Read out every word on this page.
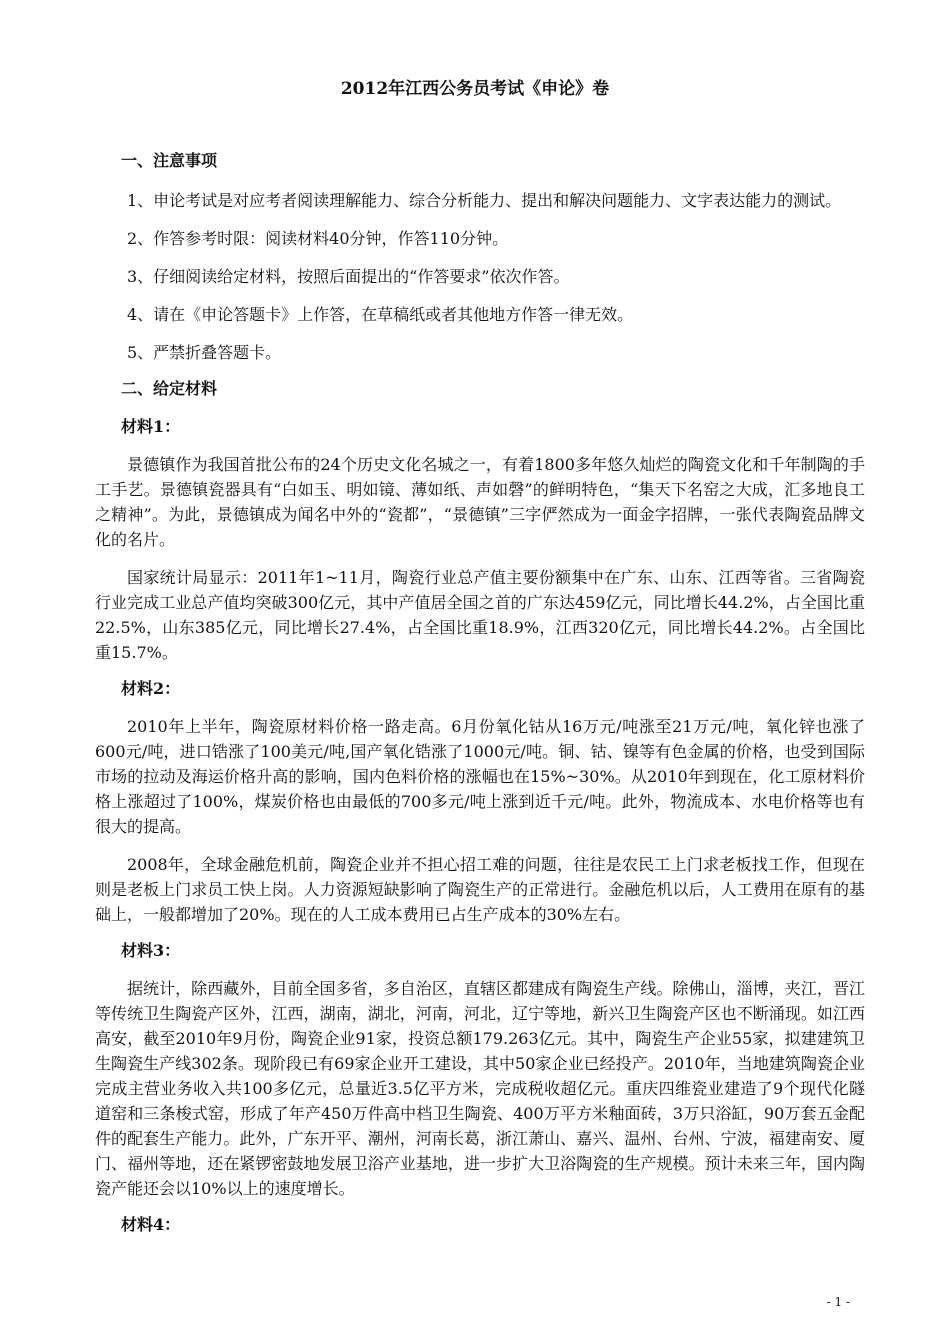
2012年江西公务员考试《申论》卷
一、注意事项
1、申论考试是对应考者阅读理解能力、综合分析能力、提出和解决问题能力、文字表达能力的测试。
2、作答参考时限：阅读材料40分钟，作答110分钟。
3、仔细阅读给定材料，按照后面提出的“作答要求”依次作答。
4、请在《申论答题卡》上作答，在草稿纸或者其他地方作答一律无效。
5、严禁折叠答题卡。
二、给定材料
材料1：
景德镇作为我国首批公布的24个历史文化名城之一，有着1800多年悠久灿烂的陶瓷文化和千年制陶的手工手艺。景德镇瓷器具有“白如玉、明如镜、薄如纸、声如磬”的鲜明特色，“集天下名窑之大成，汇多地良工之精神”。为此，景德镇成为闻名中外的“瓷都”，“景德镇”三字俨然成为一面金字招牌，一张代表陶瓷品牌文化的名片。
国家统计局显示：2011年1~11月，陶瓷行业总产值主要份额集中在广东、山东、江西等省。三省陶瓷行业完成工业总产值均突破300亿元，其中产值居全国之首的广东达459亿元，同比增长44.2%，占全国比重22.5%，山东385亿元，同比增长27.4%，占全国比重18.9%，江西320亿元，同比增长44.2%。占全国比重15.7%。
材料2：
2010年上半年，陶瓷原材料价格一路走高。6月份氧化钴从16万元/吨涨至21万元/吨，氧化锌也涨了600元/吨，进口锆涨了100美元/吨,国产氧化锆涨了1000元/吨。铜、钴、镍等有色金属的价格，也受到国际市场的拉动及海运价格升高的影响，国内色料价格的涨幅也在15%~30%。从2010年到现在，化工原材料价格上涨超过了100%，煤炭价格也由最低的700多元/吨上涨到近千元/吨。此外，物流成本、水电价格等也有很大的提高。
2008年，全球金融危机前，陶瓷企业并不担心招工难的问题，往往是农民工上门求老板找工作，但现在则是老板上门求员工快上岗。人力资源短缺影响了陶瓷生产的正常进行。金融危机以后，人工费用在原有的基础上，一般都增加了20%。现在的人工成本费用已占生产成本的30%左右。
材料3：
据统计，除西藏外，目前全国多省，多自治区，直辖区都建成有陶瓷生产线。除佛山，淄博，夹江，晋江等传统卫生陶瓷产区外，江西，湖南，湖北，河南，河北，辽宁等地，新兴卫生陶瓷产区也不断涌现。如江西高安，截至2010年9月份，陶瓷企业91家，投资总额179.263亿元。其中，陶瓷生产企业55家，拟建建筑卫生陶瓷生产线302条。现阶段已有69家企业开工建设，其中50家企业已经投产。2010年，当地建筑陶瓷企业完成主营业务收入共100多亿元，总量近3.5亿平方米，完成税收超亿元。重庆四维瓷业建造了9个现代化隧道窑和三条梭式窑，形成了年产450万件高中档卫生陶瓷、400万平方米釉面砖，3万只浴缸，90万套五金配件的配套生产能力。此外，广东开平、潮州，河南长葛，浙江萧山、嘉兴、温州、台州、宁波，福建南安、厦门、福州等地，还在紧锣密鼓地发展卫浴产业基地，进一步扩大卫浴陶瓷的生产规模。预计未来三年，国内陶瓷产能还会以10%以上的速度增长。
材料4：
- 1 -
